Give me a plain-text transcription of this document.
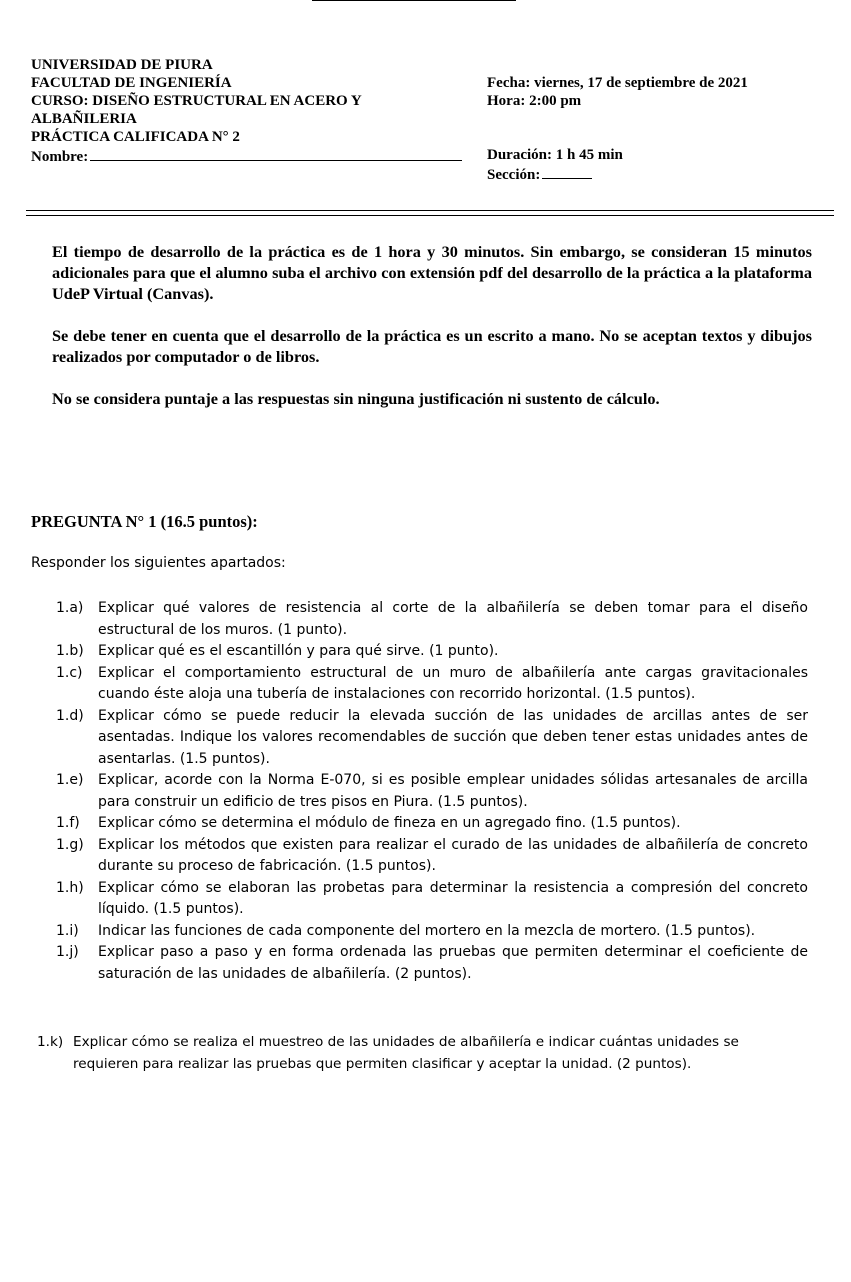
UNIVERSIDAD DE PIURA
FACULTAD DE INGENIERÍA
CURSO: DISEÑO ESTRUCTURAL EN ACERO Y
ALBAÑILERIA
PRÁCTICA CALIFICADA N° 2
Nombre:
Fecha: viernes, 17 de septiembre de 2021
Hora: 2:00 pm
Duración: 1 h 45 min
Sección:

El tiempo de desarrollo de la práctica es de 1 hora y 30 minutos. Sin embargo, se consideran 15 minutos adicionales para que el alumno suba el archivo con extensión pdf del desarrollo de la práctica a la plataforma UdeP Virtual (Canvas).

Se debe tener en cuenta que el desarrollo de la práctica es un escrito a mano. No se aceptan textos y dibujos realizados por computador o de libros.

No se considera puntaje a las respuestas sin ninguna justificación ni sustento de cálculo.

PREGUNTA N° 1 (16.5 puntos):
Responder los siguientes apartados:
1.a)	Explicar qué valores de resistencia al corte de la albañilería se deben tomar para el diseño estructural de los muros. (1 punto).
1.b)	Explicar qué es el escantillón y para qué sirve. (1 punto).
1.c)	Explicar el comportamiento estructural de un muro de albañilería ante cargas gravitacionales cuando éste aloja una tubería de instalaciones con recorrido horizontal. (1.5 puntos).
1.d)	Explicar cómo se puede reducir la elevada succión de las unidades de arcillas antes de ser asentadas. Indique los valores recomendables de succión que deben tener estas unidades antes de asentarlas. (1.5 puntos).
1.e)	Explicar, acorde con la Norma E-070, si es posible emplear unidades sólidas artesanales de arcilla para construir un edificio de tres pisos en Piura. (1.5 puntos).
1.f)	Explicar cómo se determina el módulo de fineza en un agregado fino. (1.5 puntos).
1.g)	Explicar los métodos que existen para realizar el curado de las unidades de albañilería de concreto durante su proceso de fabricación. (1.5 puntos).
1.h)	Explicar cómo se elaboran las probetas para determinar la resistencia a compresión del concreto líquido. (1.5 puntos).
1.i)	Indicar las funciones de cada componente del mortero en la mezcla de mortero. (1.5 puntos).
1.j)	Explicar paso a paso y en forma ordenada las pruebas que permiten determinar el coeficiente de saturación de las unidades de albañilería. (2 puntos).
1.k) Explicar cómo se realiza el muestreo de las unidades de albañilería e indicar cuántas unidades se requieren para realizar las pruebas que permiten clasificar y aceptar la unidad. (2 puntos).
